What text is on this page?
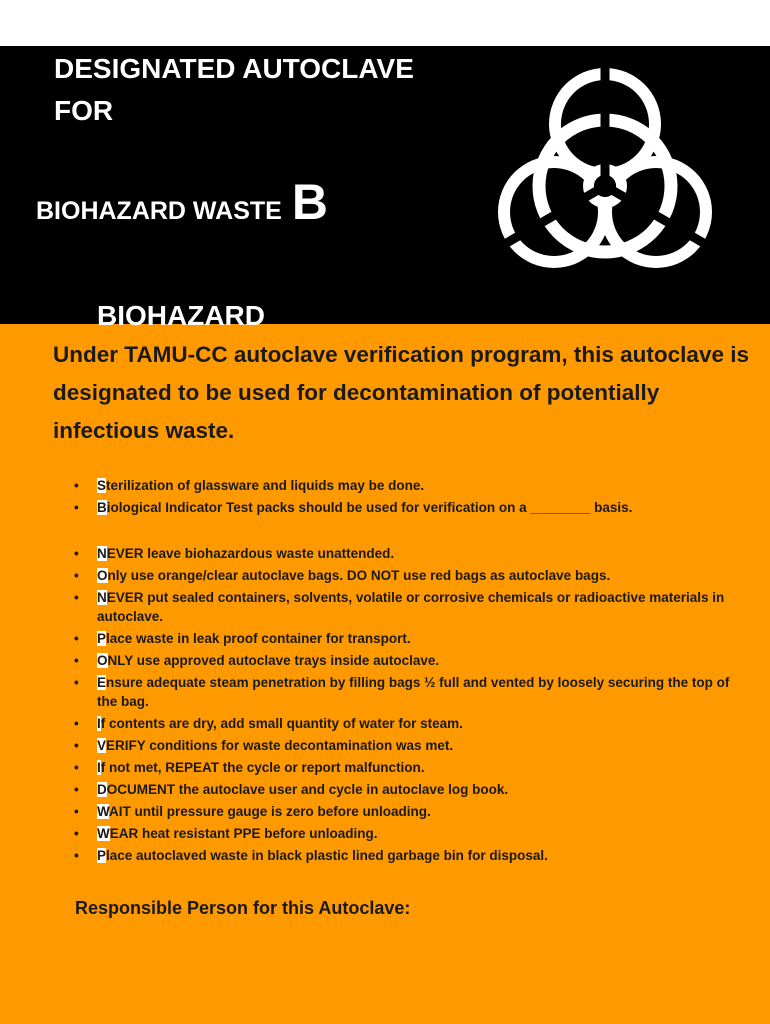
DESIGNATED AUTOCLAVE
FOR
BIOHAZARD WASTE B

BIOHAZARD

Under TAMU-CC autoclave verification program, this autoclave is designated to be used for decontamination of potentially infectious waste.

• Sterilization of glassware and liquids may be done.
• Biological Indicator Test packs should be used for verification on a ________ basis.
• NEVER leave biohazardous waste unattended.
• Only use orange/clear autoclave bags. DO NOT use red bags as autoclave bags.
• NEVER put sealed containers, solvents, volatile or corrosive chemicals or radioactive materials in autoclave.
• Place waste in leak proof container for transport.
• ONLY use approved autoclave trays inside autoclave.
• Ensure adequate steam penetration by filling bags ½ full and vented by loosely securing the top of the bag.
• If contents are dry, add small quantity of water for steam.
• VERIFY conditions for waste decontamination was met.
• If not met, REPEAT the cycle or report malfunction.
• DOCUMENT the autoclave user and cycle in autoclave log book.
• WAIT until pressure gauge is zero before unloading.
• WEAR heat resistant PPE before unloading.
• Place autoclaved waste in black plastic lined garbage bin for disposal.

Responsible Person for this Autoclave:
